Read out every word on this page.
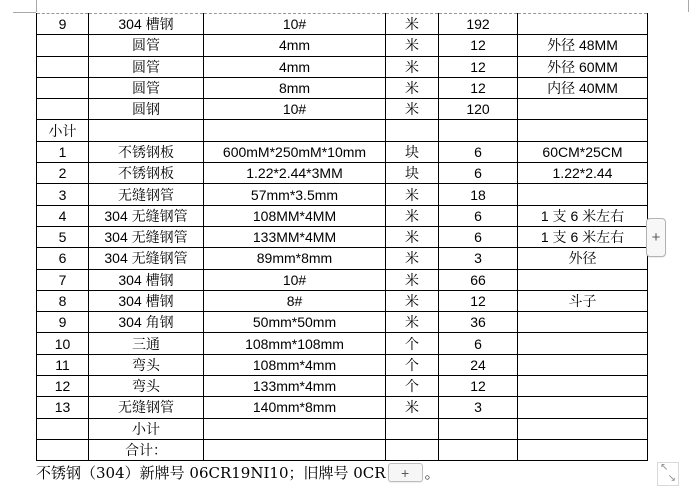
9	304 槽钢	10#	米	192	
	圆管	4mm	米	12	外径 48MM
	圆管	4mm	米	12	外径 60MM
	圆管	8mm	米	12	内径 40MM
	圆钢	10#	米	120	
小计					
1	不锈钢板	600mM*250mM*10mm	块	6	60CM*25CM
2	不锈钢板	1.22*2.44*3MM	块	6	1.22*2.44
3	无缝钢管	57mm*3.5mm	米	18	
4	304 无缝钢管	108MM*4MM	米	6	1 支 6 米左右
5	304 无缝钢管	133MM*4MM	米	6	1 支 6 米左右
6	304 无缝钢管	89mm*8mm	米	3	外径
7	304 槽钢	10#	米	66	
8	304 槽钢	8#	米	12	斗子
9	304 角钢	50mm*50mm	米	36	
10	三通	108mm*108mm	个	6	
11	弯头	108mm*4mm	个	24	
12	弯头	133mm*4mm	个	12	
13	无缝钢管	140mm*8mm	米	3	
	小计				
	合计：				
不锈钢（304）新牌号 06CR19NI10；旧牌号 0CR	+	。
+
↖
↘
